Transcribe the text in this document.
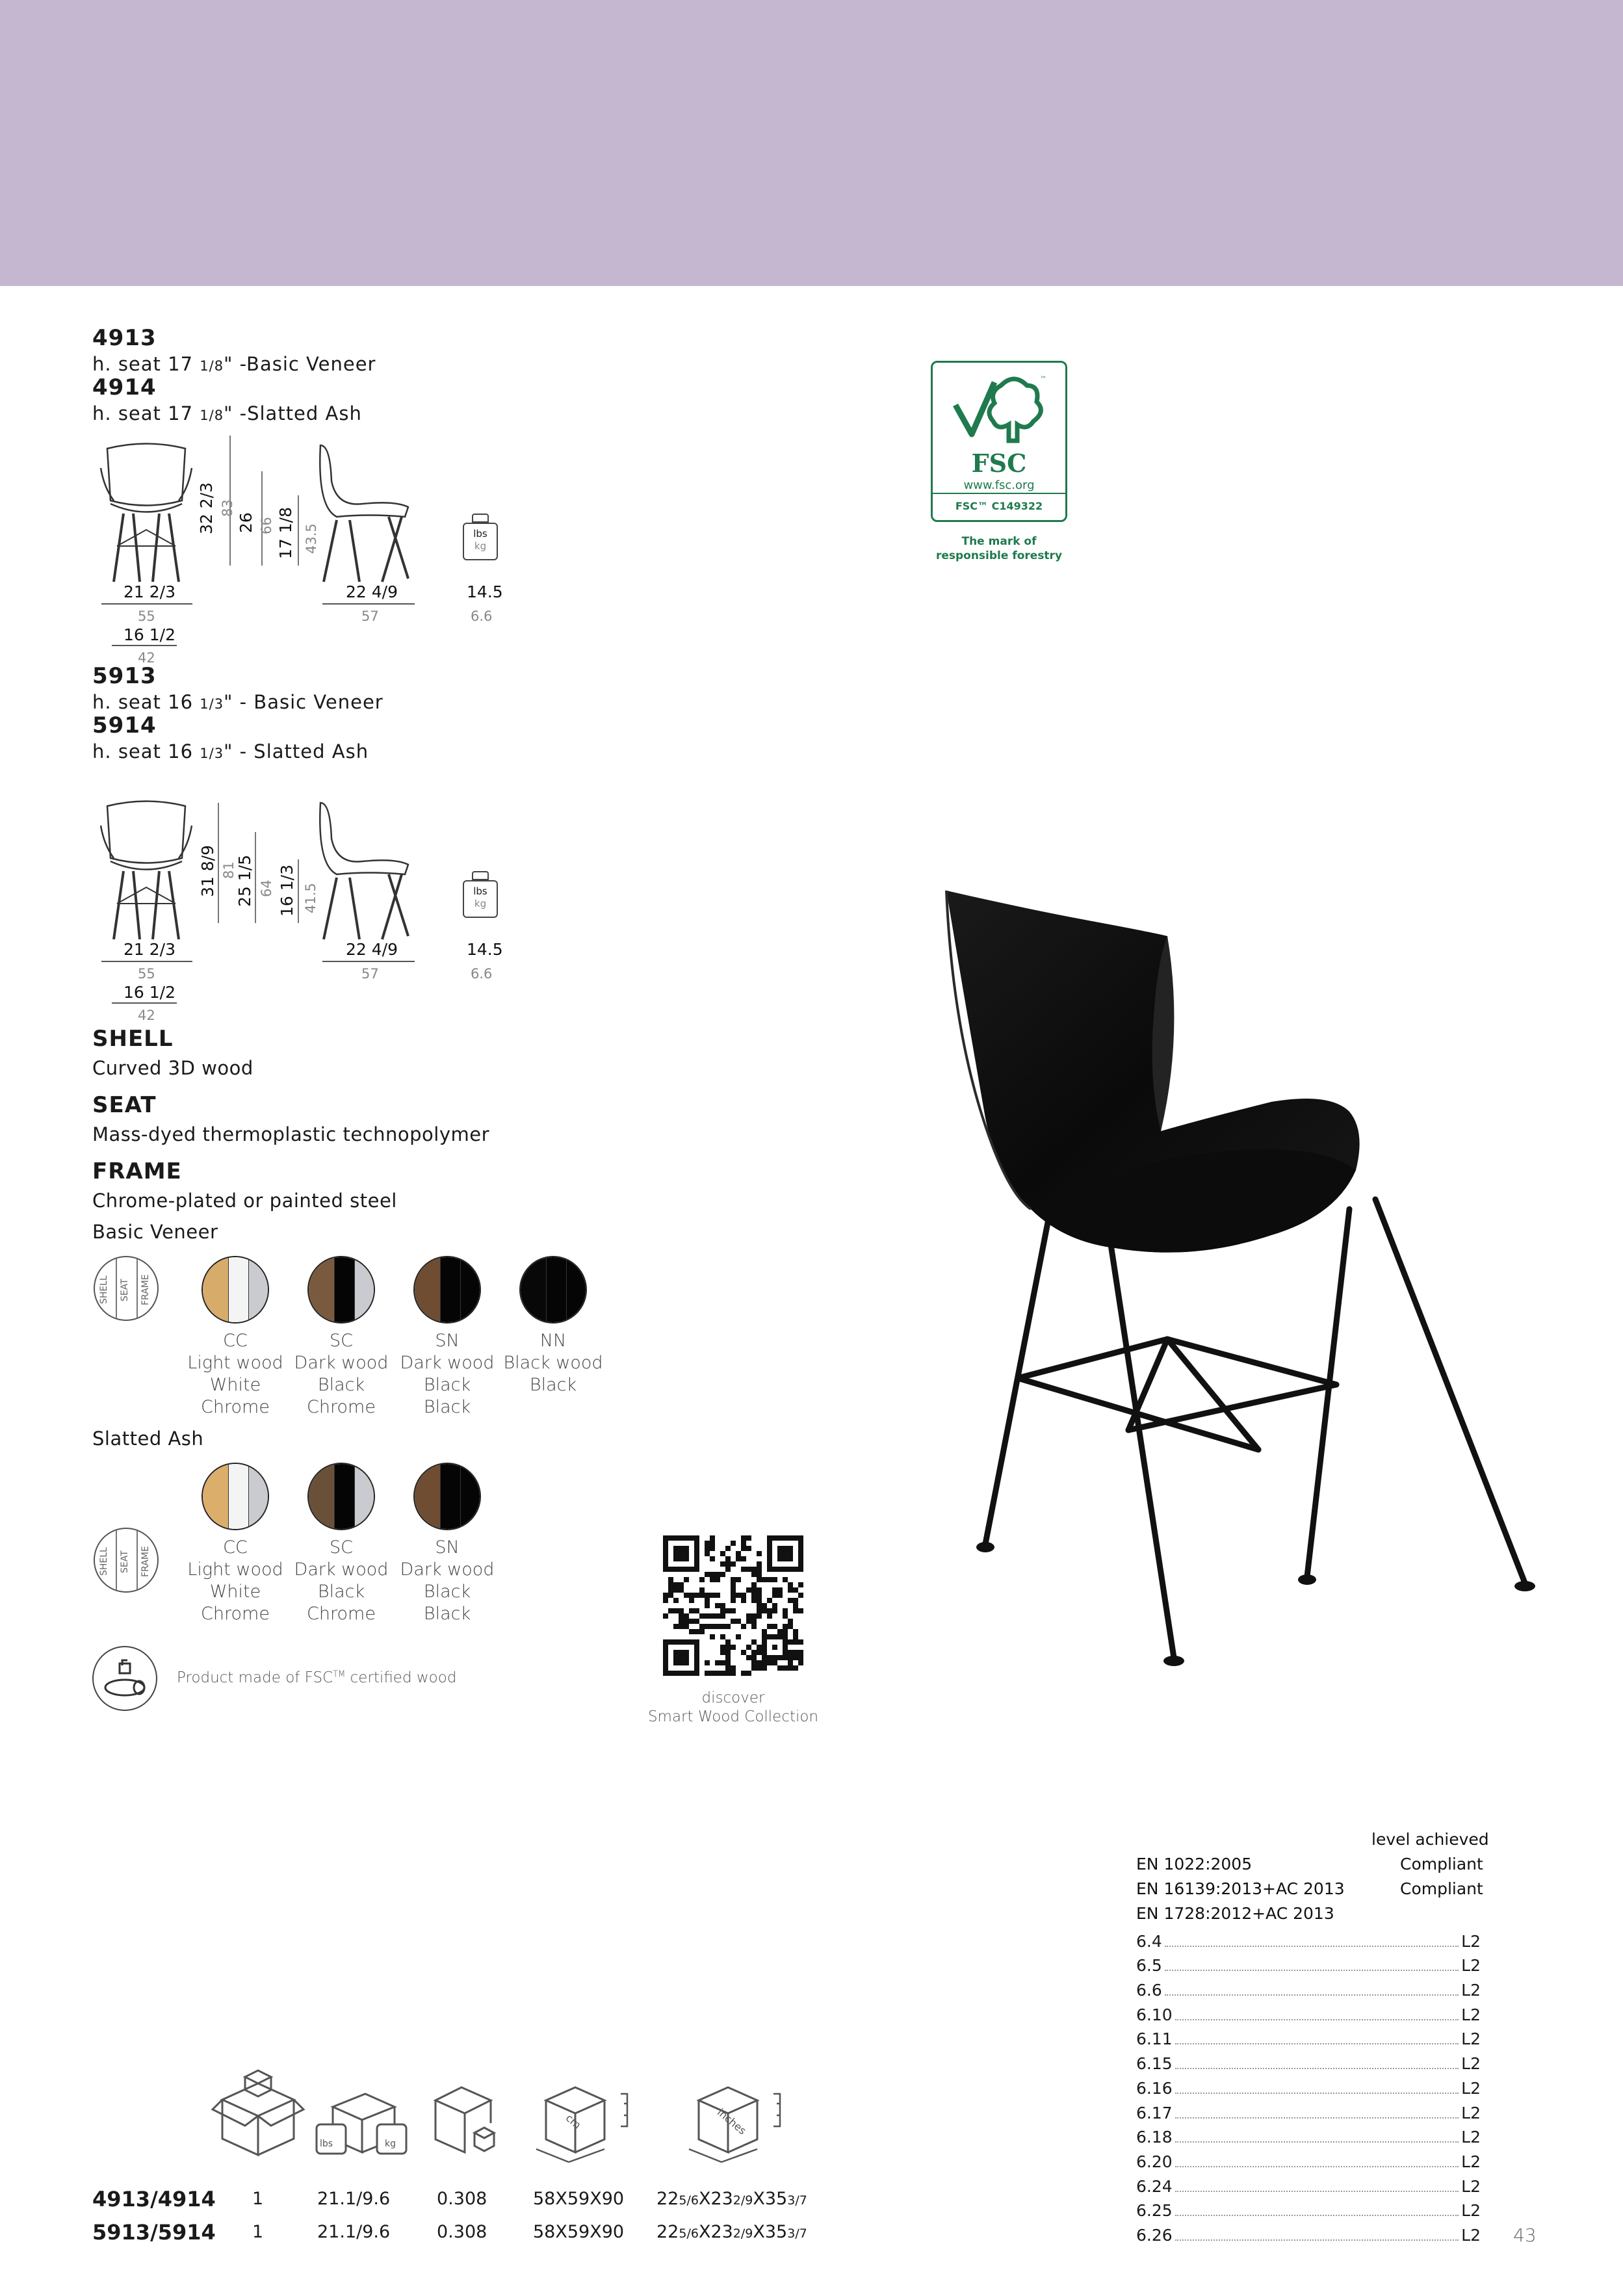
4913
h. seat 17 1/8" -Basic Veneer
4914
h. seat 17 1/8" -Slatted Ash
32 2/3 83
26 66 17 1/8 43.5	lbs
kg
21 2/3
55
16 1/2
42
22 4/9
57
14.5
6.6
5913
h. seat 16 1/3" - Basic Veneer
5914
h. seat 16 1/3" - Slatted Ash
31 8/9 81
25 1/5 64 16 1/3 41.5	lbs
kg
21 2/3
55
16 1/2
42
22 4/9
57
14.5
6.6
SHELL
Curved 3D wood
SEAT
Mass-dyed thermoplastic technopolymer
FRAME
Chrome-plated or painted steel
Basic Veneer
SHELL SEAT FRAME
CC
Light wood
White
Chrome
SC
Dark wood
Black
Chrome
SN
Dark wood
Black
Black
NN
Black wood
Black
Slatted Ash
SHELL SEAT FRAME	CC
Light wood
White
Chrome
SC
Dark wood
Black
Chrome
SN
Dark wood
Black
Black
Product made of FSC™ certified wood
discover
Smart Wood Collection
™
FSC
www.fsc.org
FSC™ C149322
The mark of
responsible forestry
level achieved
EN 1022:2005	Compliant
EN 16139:2013+AC 2013	Compliant
EN 1728:2012+AC 2013
6.4	L2
6.5	L2
6.6	L2
6.10	L2
6.11	L2
6.15	L2
6.16	L2
6.17	L2
6.18	L2
6.20	L2
6.24	L2
6.25	L2
6.26	L2
lbs	kg
cm	inches
4913/4914 1	21.1/9.6	0.308	58X59X90 225/6X232/9X353/7
5913/5914 1	21.1/9.6	0.308	58X59X90 225/6X232/9X353/7	43
